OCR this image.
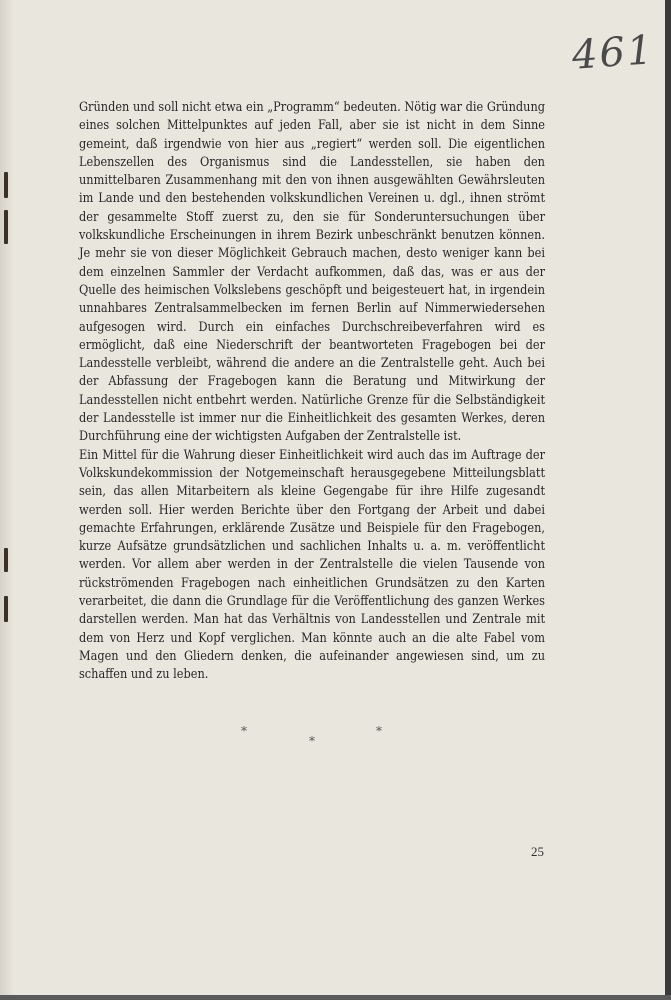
461

Gründen und soll nicht etwa ein „Programm“ bedeuten. Nötig war die Gründung eines solchen Mittelpunktes auf jeden Fall, aber sie ist nicht in dem Sinne gemeint, daß irgendwie von hier aus „regiert“ werden soll. Die eigentlichen Lebenszellen des Organismus sind die Landesstellen, sie haben den unmittelbaren Zusammenhang mit den von ihnen ausgewählten Gewährsleuten im Lande und den bestehenden volkskundlichen Vereinen u. dgl., ihnen strömt der gesammelte Stoff zuerst zu, den sie für Sonderuntersuchungen über volkskundliche Erscheinungen in ihrem Bezirk unbeschränkt benutzen können. Je mehr sie von dieser Möglichkeit Gebrauch machen, desto weniger kann bei dem einzelnen Sammler der Verdacht aufkommen, daß das, was er aus der Quelle des heimischen Volkslebens geschöpft und beigesteuert hat, in irgendein unnahbares Zentralsammelbecken im fernen Berlin auf Nimmerwiedersehen aufgesogen wird. Durch ein einfaches Durchschreibeverfahren wird es ermöglicht, daß eine Niederschrift der beantworteten Fragebogen bei der Landesstelle verbleibt, während die andere an die Zentralstelle geht. Auch bei der Abfassung der Fragebogen kann die Beratung und Mitwirkung der Landesstellen nicht entbehrt werden. Natürliche Grenze für die Selbständigkeit der Landesstelle ist immer nur die Einheitlichkeit des gesamten Werkes, deren Durchführung eine der wichtigsten Aufgaben der Zentralstelle ist.

Ein Mittel für die Wahrung dieser Einheitlichkeit wird auch das im Auftrage der Volkskundekommission der Notgemeinschaft herausgegebene Mitteilungsblatt sein, das allen Mitarbeitern als kleine Gegengabe für ihre Hilfe zugesandt werden soll. Hier werden Berichte über den Fortgang der Arbeit und dabei gemachte Erfahrungen, erklärende Zusätze und Beispiele für den Fragebogen, kurze Aufsätze grundsätzlichen und sachlichen Inhalts u. a. m. veröffentlicht werden. Vor allem aber werden in der Zentralstelle die vielen Tausende von rückströmenden Fragebogen nach einheitlichen Grundsätzen zu den Karten verarbeitet, die dann die Grundlage für die Veröffentlichung des ganzen Werkes darstellen werden. Man hat das Verhältnis von Landesstellen und Zentrale mit dem von Herz und Kopf verglichen. Man könnte auch an die alte Fabel vom Magen und den Gliedern denken, die aufeinander angewiesen sind, um zu schaffen und zu leben.

*
*
*
25
